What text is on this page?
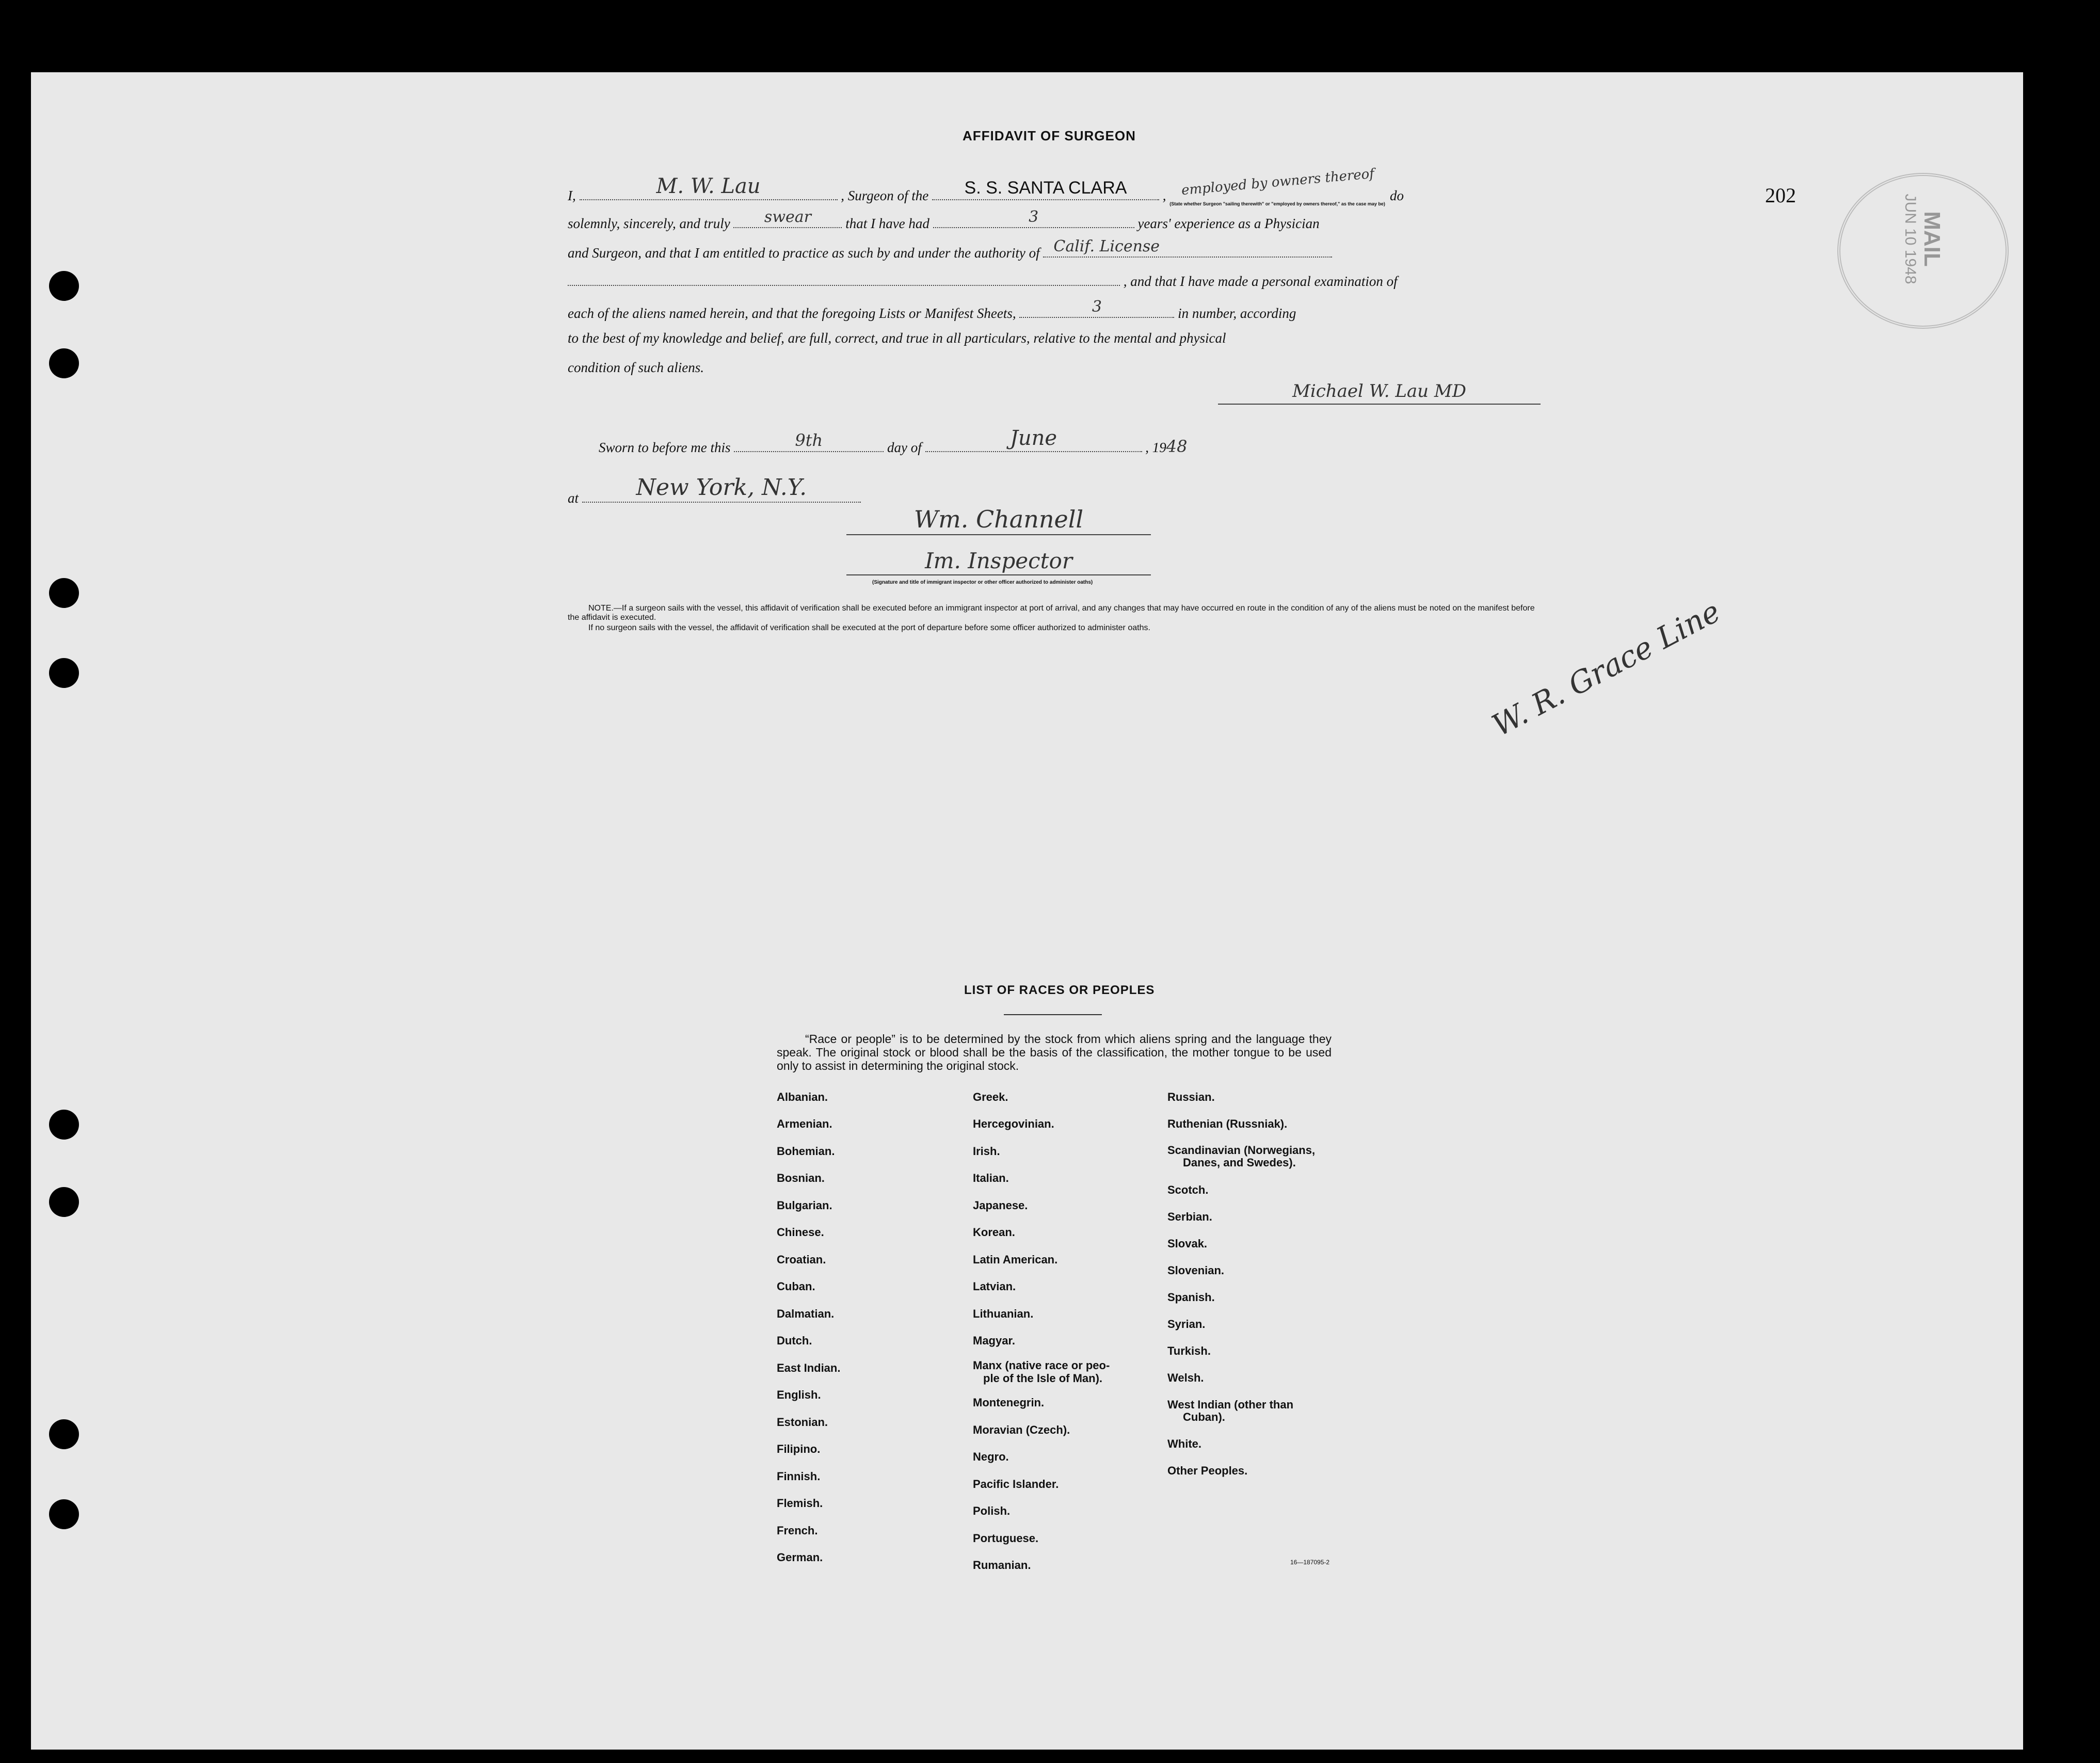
202
MAIL
JUN 10 1948
AFFIDAVIT OF SURGEON
I,	M. W. Lau	, Surgeon of the	S. S. SANTA CLARA	,	employed by owners thereof
(State whether Surgeon "sailing therewith" or "employed by owners thereof," as the case may be)
do
solemnly, sincerely, and truly	swear	that I have had	3	years' experience as a Physician
and Surgeon, and that I am entitled to practice as such by and under the authority of Calif. License
, and that I have made a personal examination of
each of the aliens named herein, and that the foregoing Lists or Manifest Sheets,	3	in number, according
to the best of my knowledge and belief, are full, correct, and true in all particulars, relative to the mental and physical
condition of such aliens.
Michael W. Lau MD
Sworn to before me this	9th	day of	June	, 1948
at	New York, N.Y.
Wm. Channell
Im. Inspector
(Signature and title of immigrant inspector or other officer authorized to administer oaths)
NOTE.—If a surgeon sails with the vessel, this affidavit of verification shall be executed before an immigrant inspector at port of arrival, and any changes that may have occurred en route in the condition of any of the aliens must be noted on the manifest before the affidavit is executed.
If no surgeon sails with the vessel, the affidavit of verification shall be executed at the port of departure before some officer authorized to administer oaths.	W. R. Grace Line
LIST OF RACES OR PEOPLES
“Race or people” is to be determined by the stock from which aliens spring and the language they speak. The original stock or blood shall be the basis of the classification, the mother tongue to be used only to assist in determining the original stock.
Albanian.
Armenian.
Bohemian.
Bosnian.
Bulgarian.
Chinese.
Croatian.
Cuban.
Dalmatian.
Dutch.
East Indian.
English.
Estonian.
Filipino.
Finnish.
Flemish.
French.
German.
Greek.
Hercegovinian.
Irish.
Italian.
Japanese.
Korean.
Latin American.
Latvian.
Lithuanian.
Magyar.
Manx (native race or peo-
ple of the Isle of Man).
Montenegrin.
Moravian (Czech).
Negro.
Pacific Islander.
Polish.
Portuguese.
Rumanian.
Russian.
Ruthenian (Russniak).
Scandinavian (Norwegians,
Danes, and Swedes).
Scotch.
Serbian.
Slovak.
Slovenian.
Spanish.
Syrian.
Turkish.
Welsh.
West Indian (other than
Cuban).
White.
Other Peoples.
16—187095-2
